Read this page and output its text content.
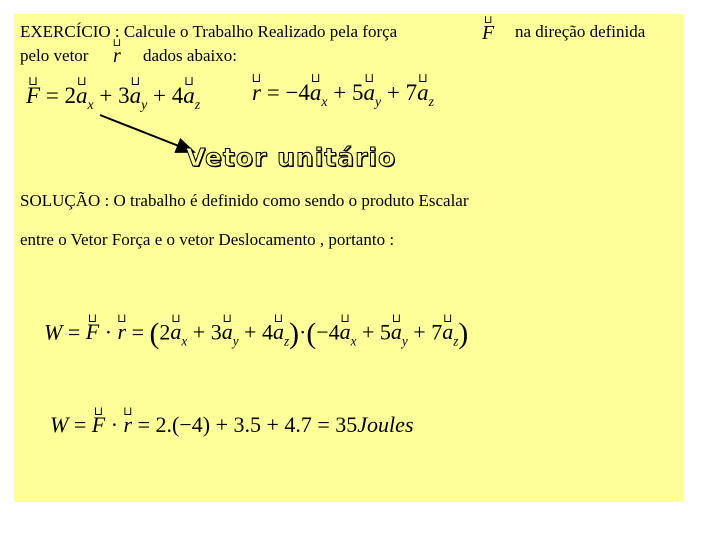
EXERCÍCIO : Calcule o Trabalho Realizado pela força	⊔ F na direção definida
pelo vetor ⊔ r dados abaixo:
⊔ F = 2⊔ $a_x$ + 3⊔ $a_y$ + 4⊔ $a_z$ ⊔ r = −4⊔ $a_x$ + 5⊔ $a_y$ + 7⊔ $a_z$
Vetor unitário
SOLUÇÃO : O trabalho é definido como sendo o produto Escalar
entre o Vetor Força e o vetor Deslocamento , portanto :
W = ⊔ F · ⊔ r = (2⊔ $a_x$ + 3⊔ $a_y$ + 4⊔ $a_z)\cdot(-4⊔$ $a_x$ + 5⊔ $a_y$ + 7⊔ $a_z$)
W = ⊔ F · ⊔ r = 2.(−4) + 3.5 + 4.7 = 35Joules
